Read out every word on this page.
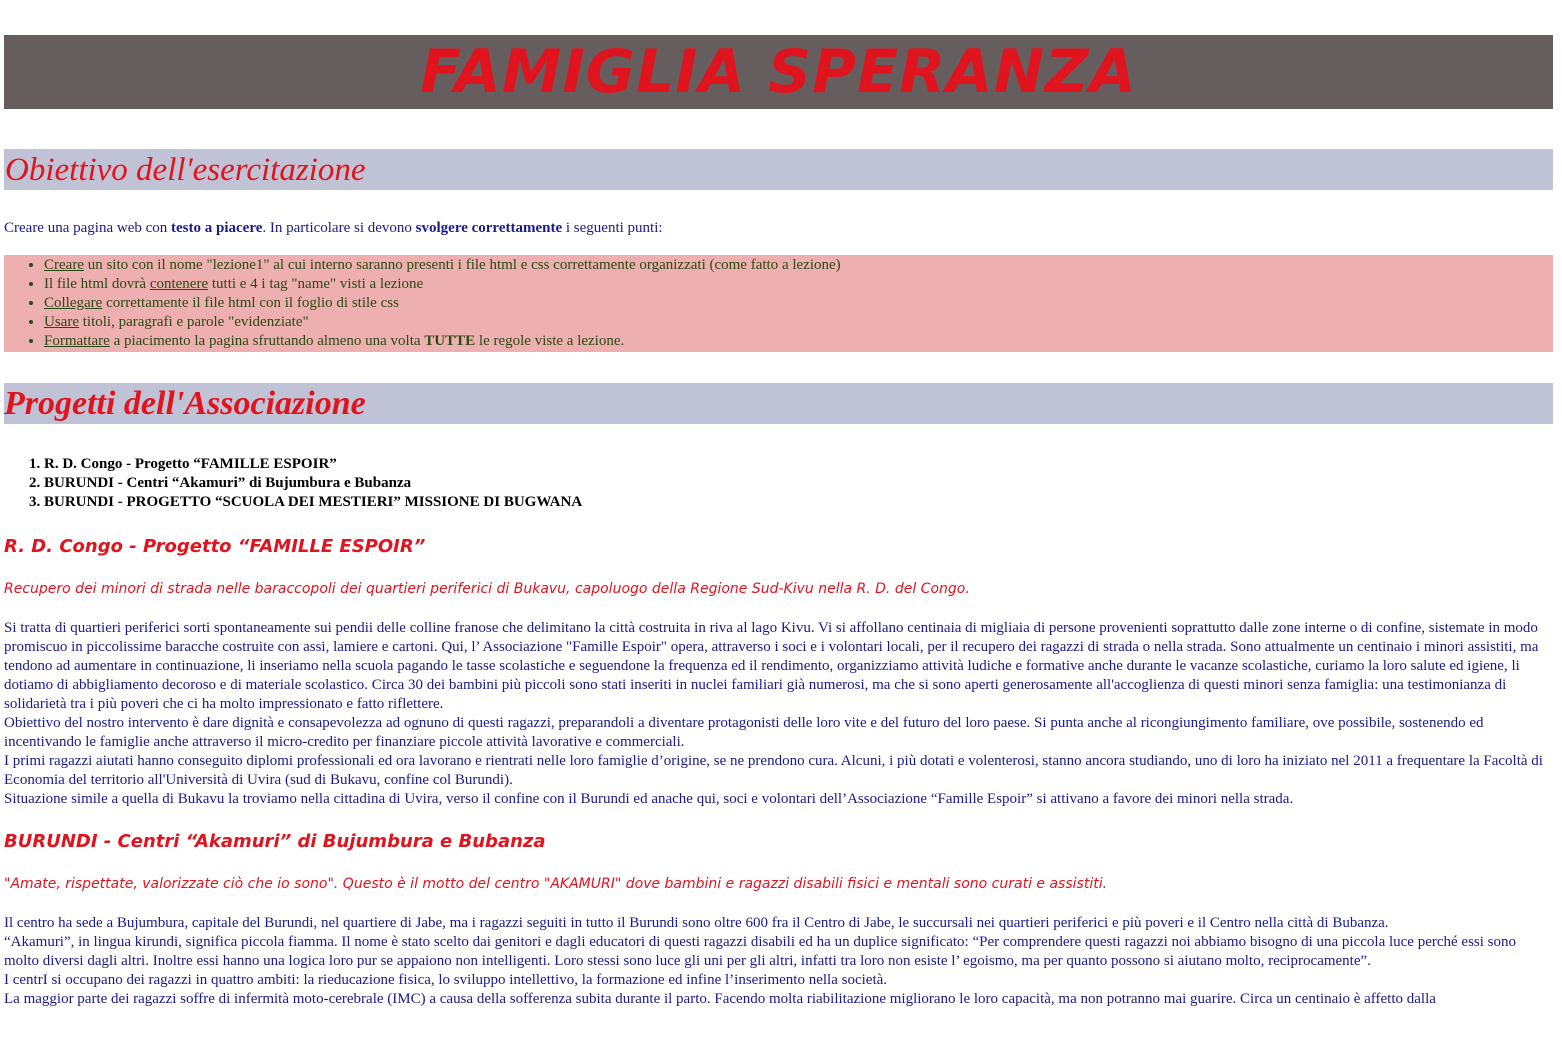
FAMIGLIA SPERANZA
Obiettivo dell'esercitazione

Creare una pagina web con testo a piacere. In particolare si devono svolgere correttamente i seguenti punti:

• Creare un sito con il nome "lezione1" al cui interno saranno presenti i file html e css correttamente organizzati (come fatto a lezione)
• Il file html dovrà contenere tutti e 4 i tag "name" visti a lezione
• Collegare correttamente il file html con il foglio di stile css
• Usare titoli, paragrafi e parole "evidenziate"
• Formattare a piacimento la pagina sfruttando almeno una volta TUTTE le regole viste a lezione.
Progetti dell'Associazione
1. R. D. Congo - Progetto “FAMILLE ESPOIR”
2. BURUNDI - Centri “Akamuri” di Bujumbura e Bubanza
3. BURUNDI - PROGETTO “SCUOLA DEI MESTIERI” MISSIONE DI BUGWANA
R. D. Congo - Progetto “FAMILLE ESPOIR”

Recupero dei minori di strada nelle baraccopoli dei quartieri periferici di Bukavu, capoluogo della Regione Sud-Kivu nella R. D. del Congo.

Si tratta di quartieri periferici sorti spontaneamente sui pendii delle colline franose che delimitano la città costruita in riva al lago Kivu. Vi si affollano centinaia di migliaia di persone provenienti soprattutto dalle zone interne o di confine, sistemate in modo promiscuo in piccolissime baracche costruite con assi, lamiere e cartoni. Qui, l’ Associazione "Famille Espoir" opera, attraverso i soci e i volontari locali, per il recupero dei ragazzi di strada o nella strada. Sono attualmente un centinaio i minori assistiti, ma tendono ad aumentare in continuazione, li inseriamo nella scuola pagando le tasse scolastiche e seguendone la frequenza ed il rendimento, organizziamo attività ludiche e formative anche durante le vacanze scolastiche, curiamo la loro salute ed igiene, li dotiamo di abbigliamento decoroso e di materiale scolastico. Circa 30 dei bambini più piccoli sono stati inseriti in nuclei familiari già numerosi, ma che si sono aperti generosamente all'accoglienza di questi minori senza famiglia: una testimonianza di solidarietà tra i più poveri che ci ha molto impressionato e fatto riflettere.
Obiettivo del nostro intervento è dare dignità e consapevolezza ad ognuno di questi ragazzi, preparandoli a diventare protagonisti delle loro vite e del futuro del loro paese. Si punta anche al ricongiungimento familiare, ove possibile, sostenendo ed incentivando le famiglie anche attraverso il micro-credito per finanziare piccole attività lavorative e commerciali.
I primi ragazzi aiutati hanno conseguito diplomi professionali ed ora lavorano e rientrati nelle loro famiglie d’origine, se ne prendono cura. Alcuni, i più dotati e volenterosi, stanno ancora studiando, uno di loro ha iniziato nel 2011 a frequentare la Facoltà di Economia del territorio all'Università di Uvira (sud di Bukavu, confine col Burundi).
Situazione simile a quella di Bukavu la troviamo nella cittadina di Uvira, verso il confine con il Burundi ed anache qui, soci e volontari dell’Associazione “Famille Espoir” si attivano a favore dei minori nella strada.

BURUNDI - Centri “Akamuri” di Bujumbura e Bubanza

"Amate, rispettate, valorizzate ciò che io sono". Questo è il motto del centro "AKAMURI" dove bambini e ragazzi disabili fisici e mentali sono curati e assistiti.

Il centro ha sede a Bujumbura, capitale del Burundi, nel quartiere di Jabe, ma i ragazzi seguiti in tutto il Burundi sono oltre 600 fra il Centro di Jabe, le succursali nei quartieri periferici e più poveri e il Centro nella città di Bubanza.
“Akamuri”, in lingua kirundi, significa piccola fiamma. Il nome è stato scelto dai genitori e dagli educatori di questi ragazzi disabili ed ha un duplice significato: “Per comprendere questi ragazzi noi abbiamo bisogno di una piccola luce perché essi sono molto diversi dagli altri. Inoltre essi hanno una logica loro pur se appaiono non intelligenti. Loro stessi sono luce gli uni per gli altri, infatti tra loro non esiste l’ egoismo, ma per quanto possono si aiutano molto, reciprocamente”.
I centrI si occupano dei ragazzi in quattro ambiti: la rieducazione fisica, lo sviluppo intellettivo, la formazione ed infine l’inserimento nella società.
La maggior parte dei ragazzi soffre di infermità moto-cerebrale (IMC) a causa della sofferenza subita durante il parto. Facendo molta riabilitazione migliorano le loro capacità, ma non potranno mai guarire. Circa un centinaio è affetto dalla
